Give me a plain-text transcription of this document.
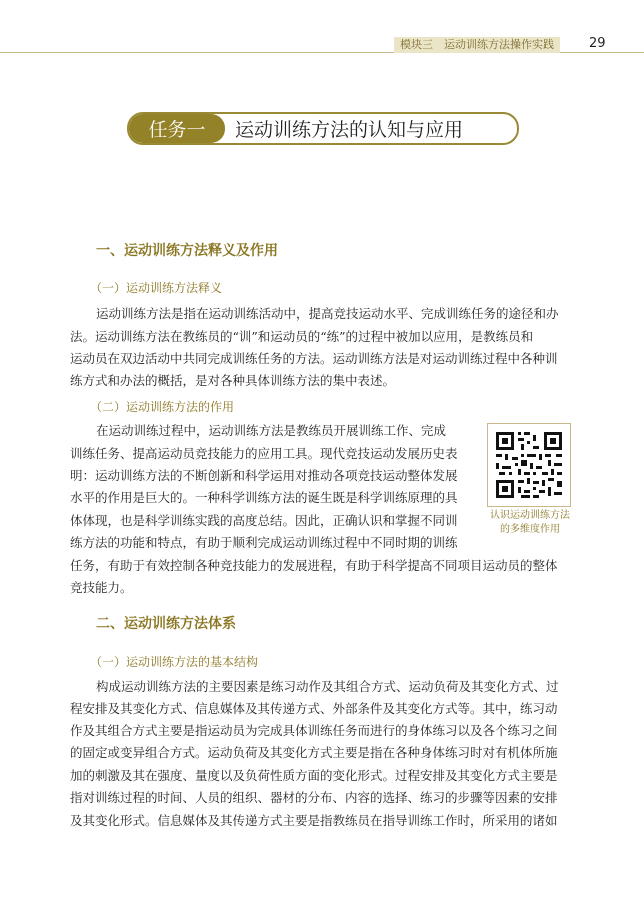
模块三　运动训练方法操作实践	29
任务一	运动训练方法的认知与应用
一、运动训练方法释义及作用
（一）运动训练方法释义
运动训练方法是指在运动训练活动中，提高竞技运动水平、完成训练任务的途径和办
法。运动训练方法在教练员的“训”和运动员的“练”的过程中被加以应用，是教练员和
运动员在双边活动中共同完成训练任务的方法。运动训练方法是对运动训练过程中各种训
练方式和办法的概括，是对各种具体训练方法的集中表述。
（二）运动训练方法的作用
在运动训练过程中，运动训练方法是教练员开展训练工作、完成
训练任务、提高运动员竞技能力的应用工具。现代竞技运动发展历史表
明：运动训练方法的不断创新和科学运用对推动各项竞技运动整体发展
水平的作用是巨大的。一种科学训练方法的诞生既是科学训练原理的具
体体现，也是科学训练实践的高度总结。因此，正确认识和掌握不同训
练方法的功能和特点，有助于顺利完成运动训练过程中不同时期的训练
任务，有助于有效控制各种竞技能力的发展进程，有助于科学提高不同项目运动员的整体
竞技能力。
认识运动训练方法
的多维度作用
二、运动训练方法体系
（一）运动训练方法的基本结构
构成运动训练方法的主要因素是练习动作及其组合方式、运动负荷及其变化方式、过
程安排及其变化方式、信息媒体及其传递方式、外部条件及其变化方式等。其中，练习动
作及其组合方式主要是指运动员为完成具体训练任务而进行的身体练习以及各个练习之间
的固定或变异组合方式。运动负荷及其变化方式主要是指在各种身体练习时对有机体所施
加的刺激及其在强度、量度以及负荷性质方面的变化形式。过程安排及其变化方式主要是
指对训练过程的时间、人员的组织、器材的分布、内容的选择、练习的步骤等因素的安排
及其变化形式。信息媒体及其传递方式主要是指教练员在指导训练工作时，所采用的诸如
